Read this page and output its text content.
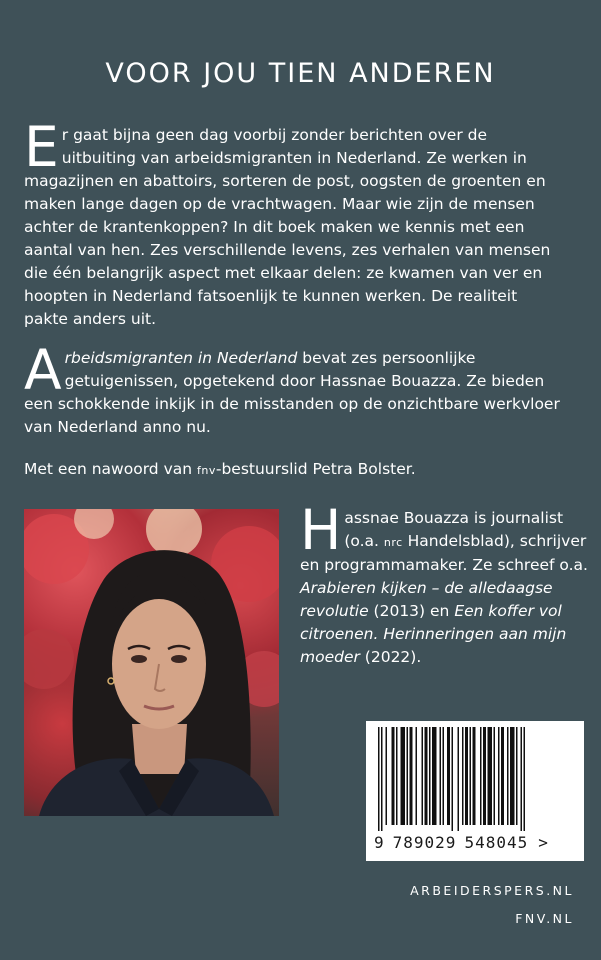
VOOR JOU TIEN ANDEREN
Er gaat bijna geen dag voorbij zonder berichten over de uitbuiting van arbeidsmigranten in Nederland. Ze werken in magazijnen en abattoirs, sorteren de post, oogsten de groenten en maken lange dagen op de vrachtwagen. Maar wie zijn de mensen achter de krantenkoppen? In dit boek maken we kennis met een aantal van hen. Zes verschillende levens, zes verhalen van mensen die één belangrijk aspect met elkaar delen: ze kwamen van ver en hoopten in Nederland fatsoenlijk te kunnen werken. De realiteit pakte anders uit.
Arbeidsmigranten in Nederland bevat zes persoonlijke getuigenissen, opgetekend door Hassnae Bouazza. Ze bieden een schokkende inkijk in de misstanden op de onzichtbare werkvloer van Nederland anno nu.
Met een nawoord van fnv-bestuurslid Petra Bolster.
Hassnae Bouazza is journalist (o.a. nrc Handelsblad), schrijver en programmamaker. Ze schreef o.a. Arabieren kijken – de alledaagse revolutie (2013) en Een koffer vol citroenen. Herinneringen aan mijn moeder (2022).
9 789029 548045 >
ARBEIDERSPERS.NL
FNV.NL
